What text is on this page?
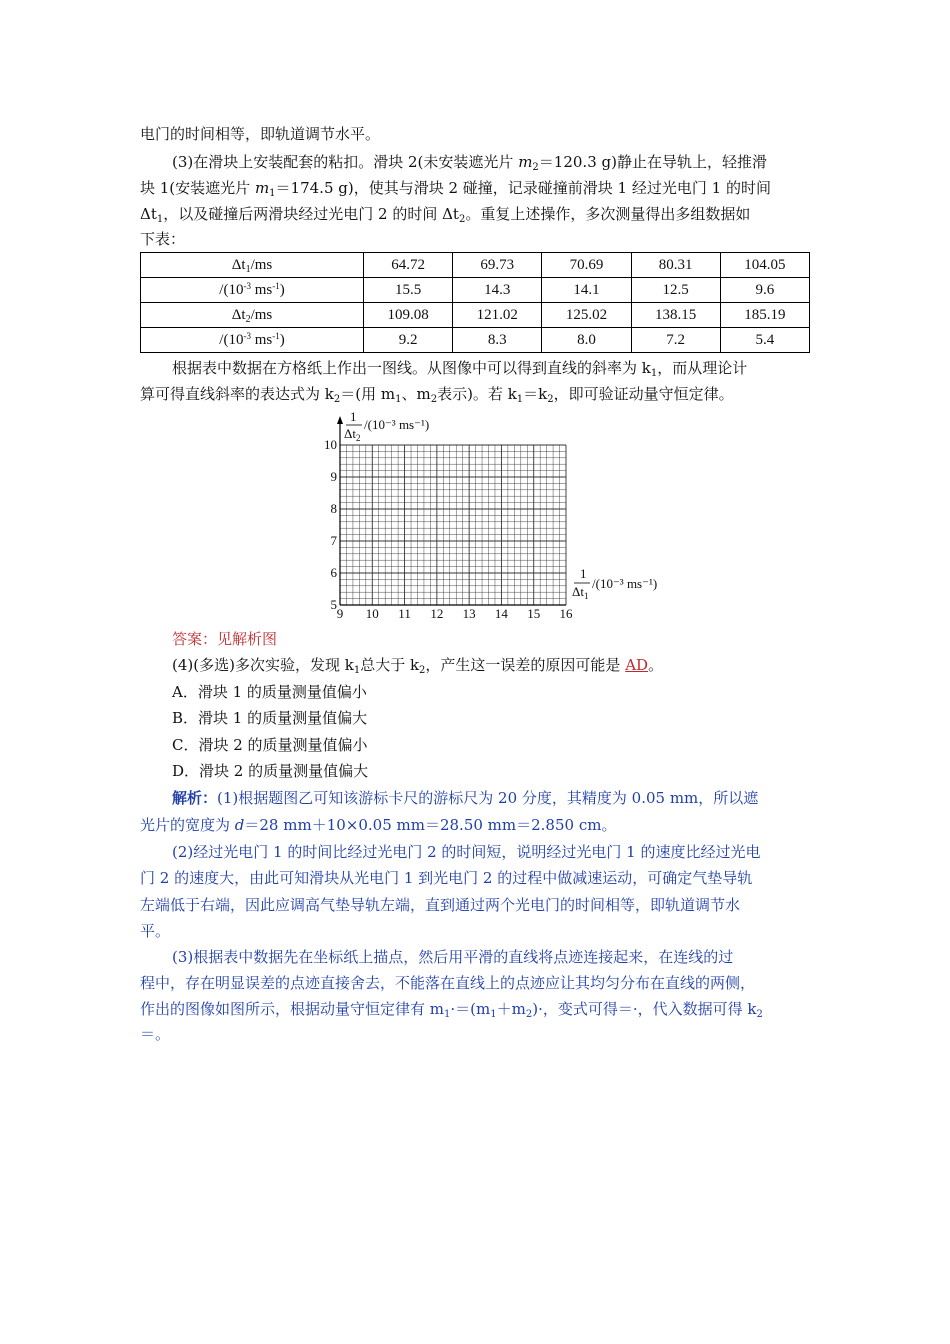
电门的时间相等，即轨道调节水平。
(3)在滑块上安装配套的粘扣。滑块 2(未安装遮光片 $m_2=120.3$ g)静止在导轨上，轻推滑
块 1(安装遮光片 $m_1=174.5$ g)，使其与滑块 2 碰撞，记录碰撞前滑块 1 经过光电门 1 的时间
$\Delta t_1$，以及碰撞后两滑块经过光电门 2 的时间 $\Delta t_2$。重复上述操作，多次测量得出多组数据如
下表：
$\Delta t_1/ms$	64.72	69.73	70.69	80.31	104.05
$/(10^{-3}$ $ms^{-1}$)	15.5	14.3	14.1	12.5	9.6
$\Delta t_2/ms$	109.08	121.02	125.02	138.15	185.19
$/(10^{-3}$ $ms^{-1}$)	9.2	8.3	8.0	7.2	5.4
根据表中数据在方格纸上作出一图线。从图像中可以得到直线的斜率为 $k_1$，而从理论计
算可得直线斜率的表达式为 $k_2=$(用 $m_1$、$m_2$表示)。若 $k_1=k_2$，即可验证动量守恒定律。
1
$\Delta t_2$
/(10⁻³ ms⁻¹)
1
$\Delta t_1$
/(10⁻³ ms⁻¹)
9 10 11 12 13 14 15 16
5
6
7
8
9
10
答案：见解析图
(4)(多选)多次实验，发现 $k_1$总大于 $k_2$，产生这一误差的原因可能是 AD。
A．滑块 1 的质量测量值偏小
B．滑块 1 的质量测量值偏大
C．滑块 2 的质量测量值偏小
D．滑块 2 的质量测量值偏大
解析：(1)根据题图乙可知该游标卡尺的游标尺为 20 分度，其精度为 0.05 mm，所以遮
光片的宽度为 d＝28 mm＋10×0.05 mm＝28.50 mm＝2.850 cm。
(2)经过光电门 1 的时间比经过光电门 2 的时间短，说明经过光电门 1 的速度比经过光电
门 2 的速度大，由此可知滑块从光电门 1 到光电门 2 的过程中做减速运动，可确定气垫导轨
左端低于右端，因此应调高气垫导轨左端，直到通过两个光电门的时间相等，即轨道调节水
平。
(3)根据表中数据先在坐标纸上描点，然后用平滑的直线将点迹连接起来，在连线的过
程中，存在明显误差的点迹直接舍去，不能落在直线上的点迹应让其均匀分布在直线的两侧，
作出的图像如图所示，根据动量守恒定律有 $m_1\cdot=(m_1+m_2)\cdot$，变式可得＝·，代入数据可得 $k_2$
＝。
